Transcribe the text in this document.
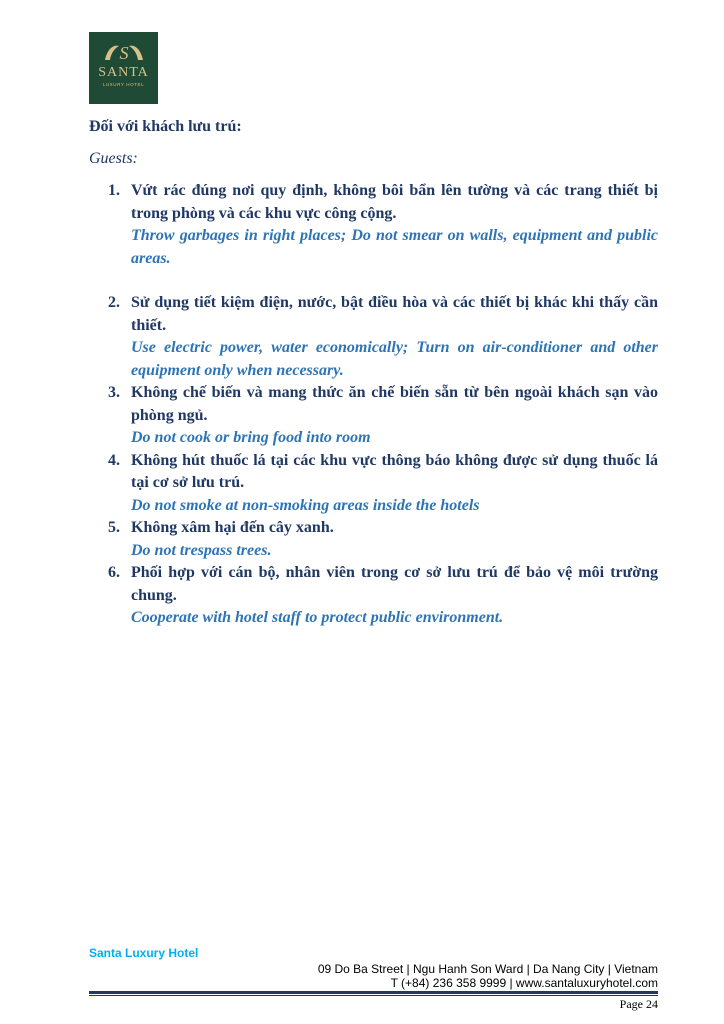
S
SANTA
LUXURY HOTEL
Đối với khách lưu trú:
Guests:
1. Vứt rác đúng nơi quy định, không bôi bẩn lên tường và các trang thiết bị trong phòng và các khu vực công cộng.
Throw garbages in right places; Do not smear on walls, equipment and public areas.
2. Sử dụng tiết kiệm điện, nước, bật điều hòa và các thiết bị khác khi thấy cần thiết.
Use electric power, water economically; Turn on air-conditioner and other equipment only when necessary.
3. Không chế biến và mang thức ăn chế biến sẵn từ bên ngoài khách sạn vào phòng ngủ.
Do not cook or bring food into room
4. Không hút thuốc lá tại các khu vực thông báo không được sử dụng thuốc lá tại cơ sở lưu trú.
Do not smoke at non-smoking areas inside the hotels
5. Không xâm hại đến cây xanh.
Do not trespass trees.
6. Phối hợp với cán bộ, nhân viên trong cơ sở lưu trú để bảo vệ môi trường chung.
Cooperate with hotel staff to protect public environment.
Santa Luxury Hotel
09 Do Ba Street | Ngu Hanh Son Ward | Da Nang City | Vietnam
T (+84) 236 358 9999 | www.santaluxuryhotel.com
Page 24
